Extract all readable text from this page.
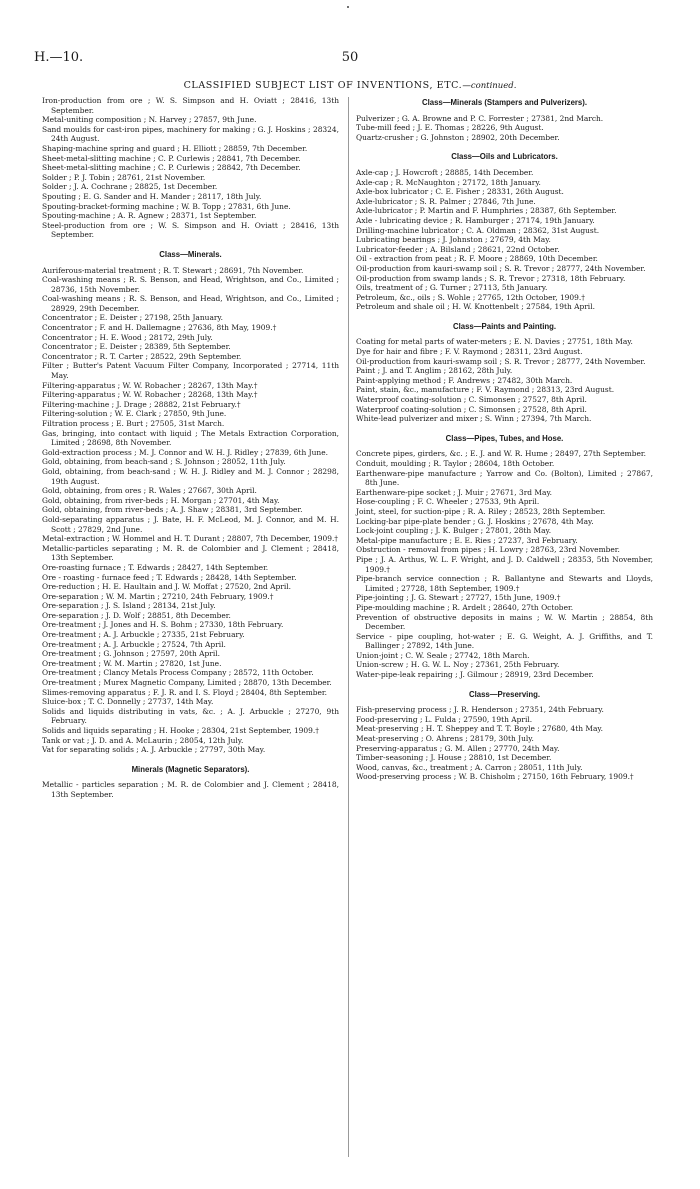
H.—10.	50
CLASSIFIED SUBJECT LIST OF INVENTIONS, ETC.—continued.

Iron-production from ore ; W. S. Simpson and H. Oviatt ; 28416, 13th September.

Metal-uniting composition ; N. Harvey ; 27857, 9th June.

Sand moulds for cast-iron pipes, machinery for making ; G. J. Hoskins ; 28324, 24th August.

Shaping-machine spring and guard ; H. Elliott ; 28859, 7th December.

Sheet-metal-slitting machine ; C. P. Curlewis ; 28841, 7th December.

Sheet-metal-slitting machine ; C. P. Curlewis ; 28842, 7th December.

Solder ; P. J. Tobin ; 28761, 21st November.

Solder ; J. A. Cochrane ; 28825, 1st December.

Spouting ; E. G. Sander and H. Mander ; 28117, 18th July.

Spouting-bracket-forming machine ; W. B. Topp ; 27831, 6th June.

Spouting-machine ; A. R. Agnew ; 28371, 1st September.

Steel-production from ore ; W. S. Simpson and H. Oviatt ; 28416, 13th September.

Class—Minerals.

Auriferous-material treatment ; R. T. Stewart ; 28691, 7th November.

Coal-washing means ; R. S. Benson, and Head, Wrightson, and Co., Limited ; 28736, 15th November.

Coal-washing means ; R. S. Benson, and Head, Wrightson, and Co., Limited ; 28929, 29th December.

Concentrator ; E. Deister ; 27198, 25th January.

Concentrator ; F. and H. Dallemagne ; 27636, 8th May, 1909.†

Concentrator ; H. E. Wood ; 28172, 29th July.

Concentrator ; E. Deister ; 28389, 5th September.

Concentrator ; R. T. Carter ; 28522, 29th September.

Filter ; Butter's Patent Vacuum Filter Company, Incorporated ; 27714, 11th May.

Filtering-apparatus ; W. W. Robacher ; 28267, 13th May.†

Filtering-apparatus ; W. W. Robacher ; 28268, 13th May.†

Filtering-machine ; J. Drage ; 28882, 21st February.†

Filtering-solution ; W. E. Clark ; 27850, 9th June.

Filtration process ; E. Burt ; 27505, 31st March.

Gas, bringing, into contact with liquid ; The Metals Extraction Corporation, Limited ; 28698, 8th November.

Gold-extraction process ; M. J. Connor and W. H. J. Ridley ; 27839, 6th June.

Gold, obtaining, from beach-sand ; S. Johnson ; 28052, 11th July.

Gold, obtaining, from beach-sand ; W. H. J. Ridley and M. J. Connor ; 28298, 19th August.

Gold, obtaining, from ores ; R. Wales ; 27667, 30th April.

Gold, obtaining, from river-beds ; H. Morgan ; 27701, 4th May.

Gold, obtaining, from river-beds ; A. J. Shaw ; 28381, 3rd September.

Gold-separating apparatus ; J. Bate, H. F. McLeod, M. J. Connor, and M. H. Scott ; 27829, 2nd June.

Metal-extraction ; W. Hommel and H. T. Durant ; 28807, 7th December, 1909.†

Metallic-particles separating ; M. R. de Colombier and J. Clement ; 28418, 13th September.

Ore-roasting furnace ; T. Edwards ; 28427, 14th September.

Ore - roasting - furnace feed ; T. Edwards ; 28428, 14th September.

Ore-reduction ; H. E. Haultain and J. W. Moffat ; 27520, 2nd April.

Ore-separation ; W. M. Martin ; 27210, 24th February, 1909.†

Ore-separation ; J. S. Island ; 28134, 21st July.

Ore-separation ; J. D. Wolf ; 28851, 8th December.

Ore-treatment ; J. Jones and H. S. Bohm ; 27330, 18th February.

Ore-treatment ; A. J. Arbuckle ; 27335, 21st February.

Ore-treatment ; A. J. Arbuckle ; 27524, 7th April.

Ore-treatment ; G. Johnson ; 27597, 20th April.

Ore-treatment ; W. M. Martin ; 27820, 1st June.

Ore-treatment ; Clancy Metals Process Company ; 28572, 11th October.

Ore-treatment ; Murex Magnetic Company, Limited ; 28870, 13th December.

Slimes-removing apparatus ; F. J. R. and I. S. Floyd ; 28404, 8th September.

Sluice-box ; T. C. Donnelly ; 27737, 14th May.

Solids and liquids distributing in vats, &c. ; A. J. Arbuckle ; 27270, 9th February.

Solids and liquids separating ; H. Hooke ; 28304, 21st September, 1909.†

Tank or vat ; J. D. and A. McLaurin ; 28054, 12th July.

Vat for separating solids ; A. J. Arbuckle ; 27797, 30th May.

Minerals (Magnetic Separators).

Metallic - particles separation ; M. R. de Colombier and J. Clement ; 28418, 13th September.

Class—Minerals (Stampers and Pulverizers).

Pulverizer ; G. A. Browne and P. C. Forrester ; 27381, 2nd March.

Tube-mill feed ; J. E. Thomas ; 28226, 9th August.

Quartz-crusher ; G. Johnston ; 28902, 20th December.

Class—Oils and Lubricators.

Axle-cap ; J. Howcroft ; 28885, 14th December.

Axle-cap ; R. McNaughton ; 27172, 18th January.

Axle-box lubricator ; C. E. Fisher ; 28331, 26th August.

Axle-lubricator ; S. R. Palmer ; 27846, 7th June.

Axle-lubricator ; P. Martin and F. Humphries ; 28387, 6th September.

Axle - lubricating device ; R. Hamburger ; 27174, 19th January.

Drilling-machine lubricator ; C. A. Oldman ; 28362, 31st August.

Lubricating bearings ; J. Johnston ; 27679, 4th May.

Lubricator-feeder ; A. Bilsland ; 28621, 22nd October.

Oil - extraction from peat ; R. F. Moore ; 28869, 10th December.

Oil-production from kauri-swamp soil ; S. R. Trevor ; 28777, 24th November.

Oil-production from swamp lands ; S. R. Trevor ; 27318, 18th February.

Oils, treatment of ; G. Turner ; 27113, 5th January.

Petroleum, &c., oils ; S. Wohle ; 27765, 12th October, 1909.†

Petroleum and shale oil ; H. W. Knottenbelt ; 27584, 19th April.

Class—Paints and Painting.

Coating for metal parts of water-meters ; E. N. Davies ; 27751, 18th May.

Dye for hair and fibre ; F. V. Raymond ; 28311, 23rd August.

Oil-production from kauri-swamp soil ; S. R. Trevor ; 28777, 24th November.

Paint ; J. and T. Anglim ; 28162, 28th July.

Paint-applying method ; F. Andrews ; 27482, 30th March.

Paint, stain, &c., manufacture ; F. V. Raymond ; 28313, 23rd August.

Waterproof coating-solution ; C. Simonsen ; 27527, 8th April.

Waterproof coating-solution ; C. Simonsen ; 27528, 8th April.

White-lead pulverizer and mixer ; S. Winn ; 27394, 7th March.

Class—Pipes, Tubes, and Hose.

Concrete pipes, girders, &c. ; E. J. and W. R. Hume ; 28497, 27th September.

Conduit, moulding ; R. Taylor ; 28604, 18th October.

Earthenware-pipe manufacture ; Yarrow and Co. (Bolton), Limited ; 27867, 8th June.

Earthenware-pipe socket ; J. Muir ; 27671, 3rd May.

Hose-coupling ; F. C. Wheeler ; 27533, 9th April.

Joint, steel, for suction-pipe ; R. A. Riley ; 28523, 28th September.

Locking-bar pipe-plate bender ; G. J. Hoskins ; 27678, 4th May.

Lock-joint coupling ; J. K. Bulger ; 27801, 28th May.

Metal-pipe manufacture ; E. E. Ries ; 27237, 3rd February.

Obstruction - removal from pipes ; H. Lowry ; 28763, 23rd November.

Pipe ; J. A. Arthus, W. L. F. Wright, and J. D. Caldwell ; 28353, 5th November, 1909.†

Pipe-branch service connection ; R. Ballantyne and Stewarts and Lloyds, Limited ; 27728, 18th September, 1909.†

Pipe-jointing ; J. G. Stewart ; 27727, 15th June, 1909.†

Pipe-moulding machine ; R. Ardelt ; 28640, 27th October.

Prevention of obstructive deposits in mains ; W. W. Martin ; 28854, 8th December.

Service - pipe coupling, hot-water ; E. G. Weight, A. J. Griffiths, and T. Ballinger ; 27892, 14th June.

Union-joint ; C. W. Seale ; 27742, 18th March.

Union-screw ; H. G. W. L. Noy ; 27361, 25th February.

Water-pipe-leak repairing ; J. Gilmour ; 28919, 23rd December.

Class—Preserving.

Fish-preserving process ; J. R. Henderson ; 27351, 24th February.

Food-preserving ; L. Fulda ; 27590, 19th April.

Meat-preserving ; H. T. Sheppey and T. T. Boyle ; 27680, 4th May.

Meat-preserving ; O. Ahrens ; 28179, 30th July.

Preserving-apparatus ; G. M. Allen ; 27770, 24th May.

Timber-seasoning ; J. House ; 28810, 1st December.

Wood, canvas, &c., treatment ; A. Carron ; 28051, 11th July.

Wood-preserving process ; W. B. Chisholm ; 27150, 16th February, 1909.†
